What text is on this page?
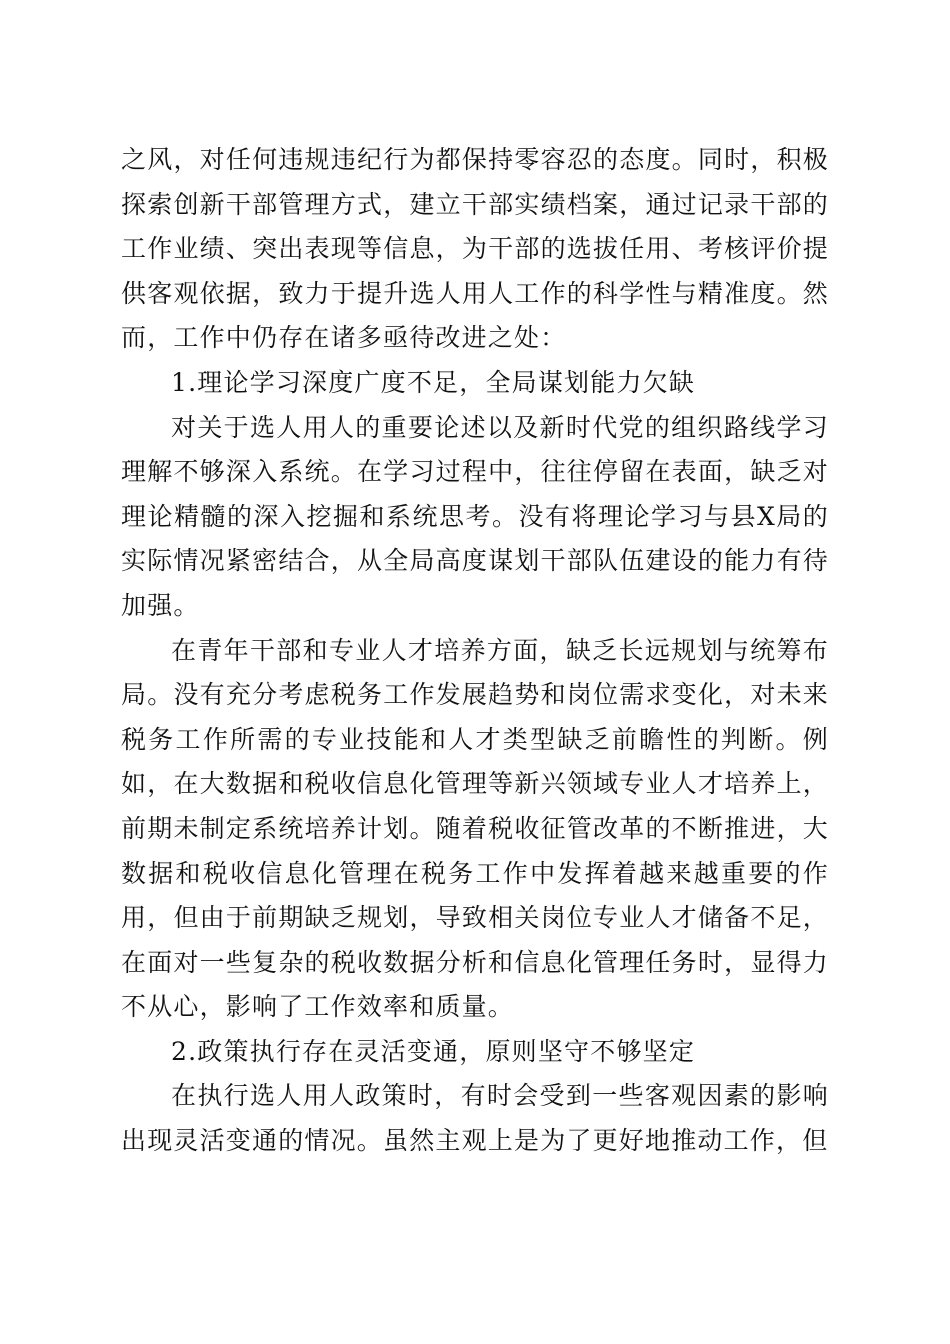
之风，对任何违规违纪行为都保持零容忍的态度。同时，积极探索创新干部管理方式，建立干部实绩档案，通过记录干部的工作业绩、突出表现等信息，为干部的选拔任用、考核评价提供客观依据，致力于提升选人用人工作的科学性与精准度。然而，工作中仍存在诸多亟待改进之处：

1.理论学习深度广度不足，全局谋划能力欠缺

对关于选人用人的重要论述以及新时代党的组织路线学习理解不够深入系统。在学习过程中，往往停留在表面，缺乏对理论精髓的深入挖掘和系统思考。没有将理论学习与县X局的实际情况紧密结合，从全局高度谋划干部队伍建设的能力有待加强。

在青年干部和专业人才培养方面，缺乏长远规划与统筹布局。没有充分考虑税务工作发展趋势和岗位需求变化，对未来税务工作所需的专业技能和人才类型缺乏前瞻性的判断。例如，在大数据和税收信息化管理等新兴领域专业人才培养上，前期未制定系统培养计划。随着税收征管改革的不断推进，大数据和税收信息化管理在税务工作中发挥着越来越重要的作用，但由于前期缺乏规划，导致相关岗位专业人才储备不足，在面对一些复杂的税收数据分析和信息化管理任务时，显得力不从心，影响了工作效率和质量。

2.政策执行存在灵活变通，原则坚守不够坚定

在执行选人用人政策时，有时会受到一些客观因素的影响出现灵活变通的情况。虽然主观上是为了更好地推动工作，但
